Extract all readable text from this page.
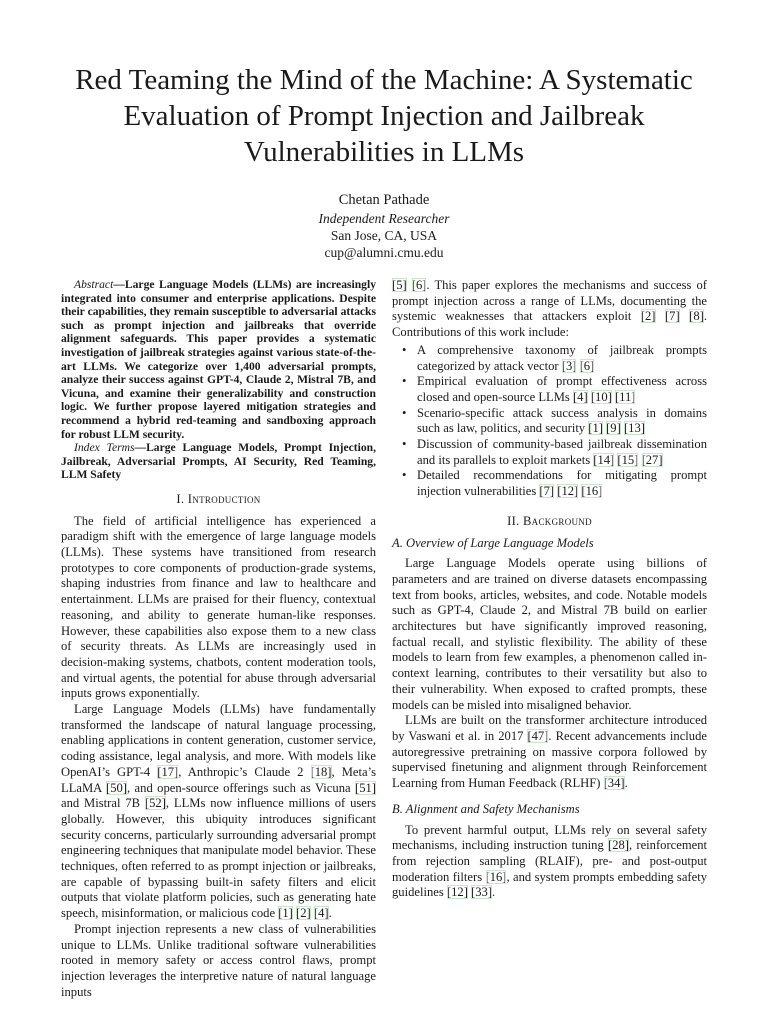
Red Teaming the Mind of the Machine: A Systematic Evaluation of Prompt Injection and Jailbreak Vulnerabilities in LLMs
Chetan Pathade
Independent Researcher
San Jose, CA, USA
cup@alumni.cmu.edu

Abstract—Large Language Models (LLMs) are increasingly integrated into consumer and enterprise applications. Despite their capabilities, they remain susceptible to adversarial attacks such as prompt injection and jailbreaks that override alignment safeguards. This paper provides a systematic investigation of jailbreak strategies against various state-of-the-art LLMs. We categorize over 1,400 adversarial prompts, analyze their success against GPT-4, Claude 2, Mistral 7B, and Vicuna, and examine their generalizability and construction logic. We further propose layered mitigation strategies and recommend a hybrid red-teaming and sandboxing approach for robust LLM security.

Index Terms—Large Language Models, Prompt Injection, Jailbreak, Adversarial Prompts, AI Security, Red Teaming, LLM Safety

I. Introduction

The field of artificial intelligence has experienced a paradigm shift with the emergence of large language models (LLMs). These systems have transitioned from research prototypes to core components of production-grade systems, shaping industries from finance and law to healthcare and entertainment. LLMs are praised for their fluency, contextual reasoning, and ability to generate human-like responses. However, these capabilities also expose them to a new class of security threats. As LLMs are increasingly used in decision-making systems, chatbots, content moderation tools, and virtual agents, the potential for abuse through adversarial inputs grows exponentially.

Large Language Models (LLMs) have fundamentally transformed the landscape of natural language processing, enabling applications in content generation, customer service, coding assistance, legal analysis, and more. With models like OpenAI’s GPT-4 [17], Anthropic’s Claude 2 [18], Meta’s LLaMA [50], and open-source offerings such as Vicuna [51] and Mistral 7B [52], LLMs now influence millions of users globally. However, this ubiquity introduces significant security concerns, particularly surrounding adversarial prompt engineering techniques that manipulate model behavior. These techniques, often referred to as prompt injection or jailbreaks, are capable of bypassing built-in safety filters and elicit outputs that violate platform policies, such as generating hate speech, misinformation, or malicious code [1] [2] [4].

Prompt injection represents a new class of vulnerabilities unique to LLMs. Unlike traditional software vulnerabilities rooted in memory safety or access control flaws, prompt injection leverages the interpretive nature of natural language inputs

[5] [6]. This paper explores the mechanisms and success of prompt injection across a range of LLMs, documenting the systemic weaknesses that attackers exploit [2] [7] [8]. Contributions of this work include:

• A comprehensive taxonomy of jailbreak prompts categorized by attack vector [3] [6]
• Empirical evaluation of prompt effectiveness across closed and open-source LLMs [4] [10] [11]
• Scenario-specific attack success analysis in domains such as law, politics, and security [1] [9] [13]
• Discussion of community-based jailbreak dissemination and its parallels to exploit markets [14] [15] [27]
• Detailed recommendations for mitigating prompt injection vulnerabilities [7] [12] [16]
II. Background
A. Overview of Large Language Models

Large Language Models operate using billions of parameters and are trained on diverse datasets encompassing text from books, articles, websites, and code. Notable models such as GPT-4, Claude 2, and Mistral 7B build on earlier architectures but have significantly improved reasoning, factual recall, and stylistic flexibility. The ability of these models to learn from few examples, a phenomenon called in-context learning, contributes to their versatility but also to their vulnerability. When exposed to crafted prompts, these models can be misled into misaligned behavior.

LLMs are built on the transformer architecture introduced by Vaswani et al. in 2017 [47]. Recent advancements include autoregressive pretraining on massive corpora followed by supervised finetuning and alignment through Reinforcement Learning from Human Feedback (RLHF) [34].

B. Alignment and Safety Mechanisms

To prevent harmful output, LLMs rely on several safety mechanisms, including instruction tuning [28], reinforcement from rejection sampling (RLAIF), pre- and post-output moderation filters [16], and system prompts embedding safety guidelines [12] [33].
